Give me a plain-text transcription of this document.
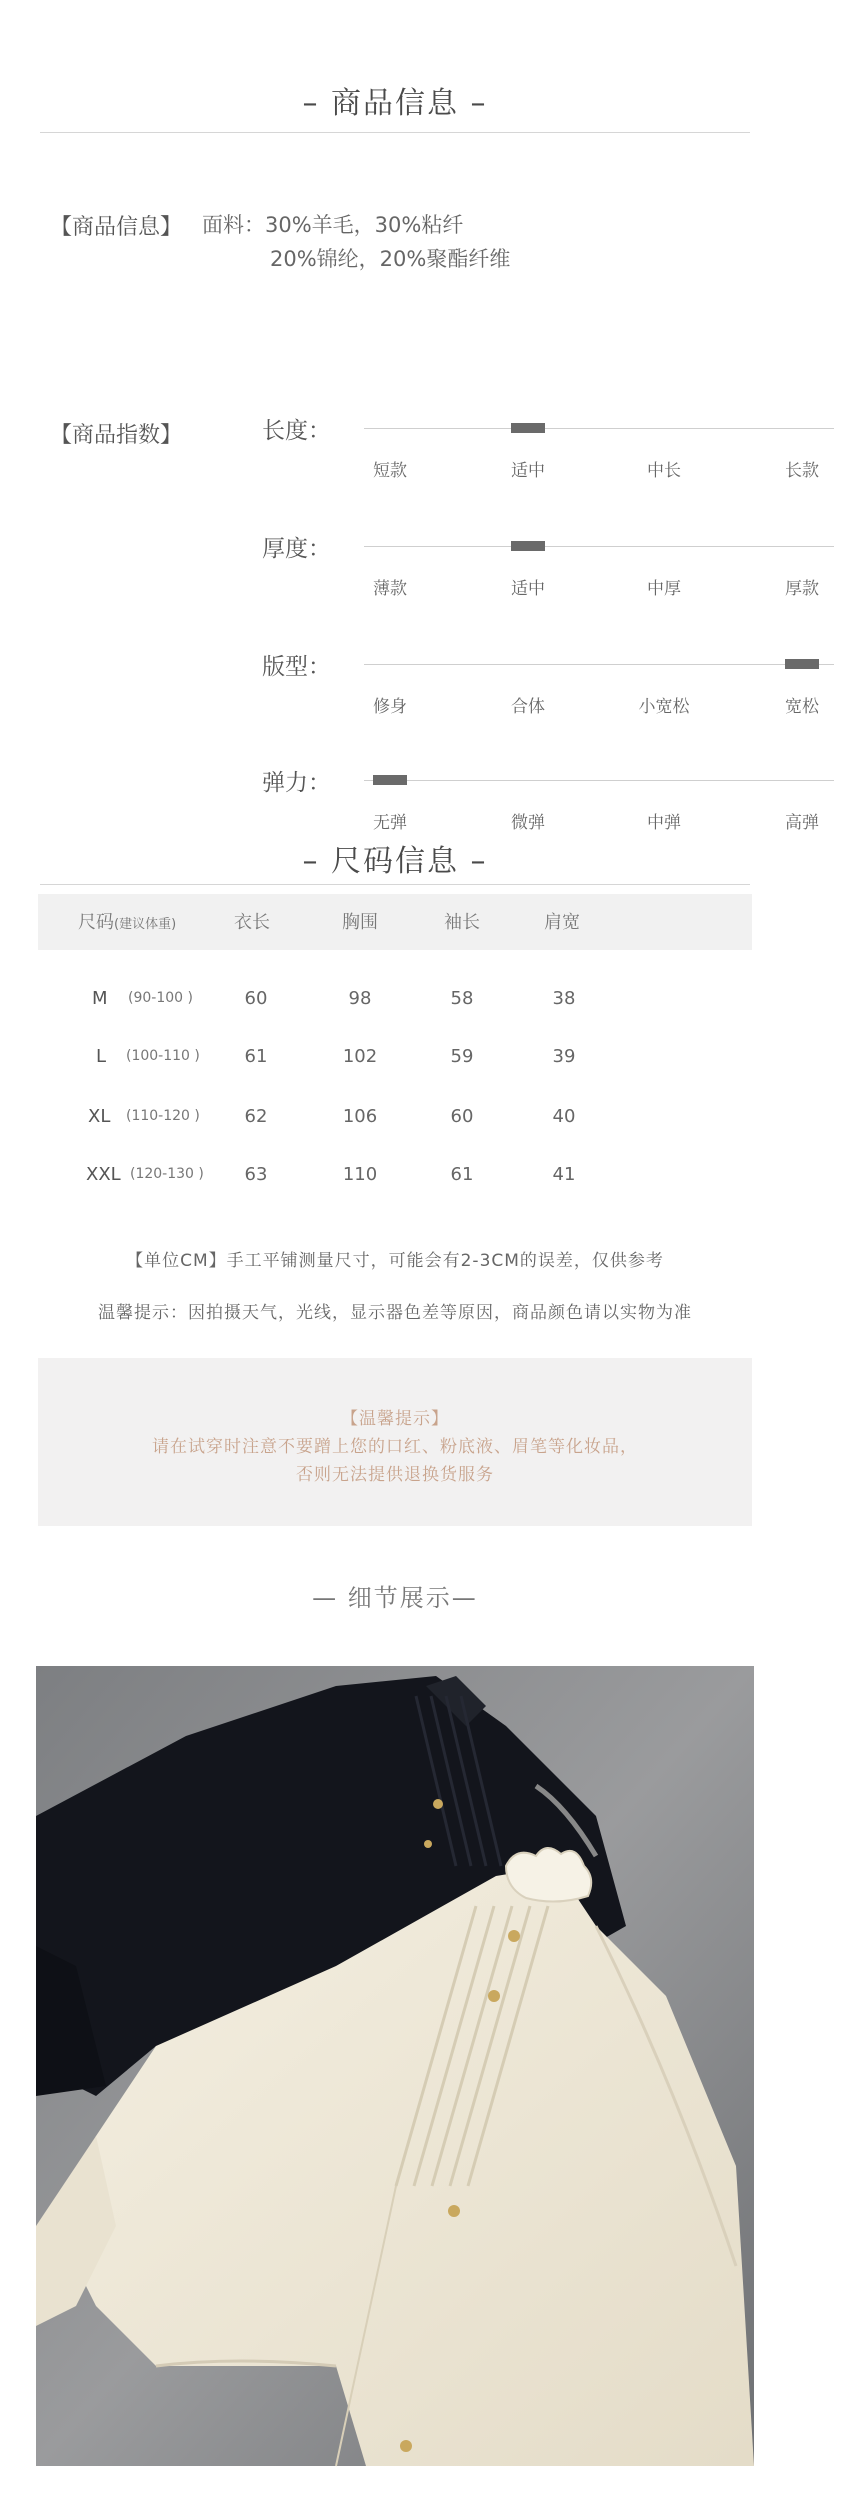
– 商品信息 –
【商品信息】 面料：30%羊毛，30%粘纤
20%锦纶，20%聚酯纤维
【商品指数】	长度：
短款	适中	中长	长款
厚度：
薄款	适中	中厚	厚款
版型：
修身	合体	小宽松	宽松
弹力：
无弹	微弹	中弹	高弹
– 尺码信息 –
尺码(建议体重)	衣长	胸围	袖长	肩宽
M (90-100 )	60	98	58	38
L (100-110 )	61	102	59	39
XL (110-120 )	62	106	60	40
XXL (120-130 )	63	110	61	41
【单位CM】手工平铺测量尺寸，可能会有2-3CM的误差，仅供参考
温馨提示：因拍摄天气，光线，显示器色差等原因，商品颜色请以实物为准
【温馨提示】
请在试穿时注意不要蹭上您的口红、粉底液、眉笔等化妆品，
否则无法提供退换货服务
— 细节展示—
